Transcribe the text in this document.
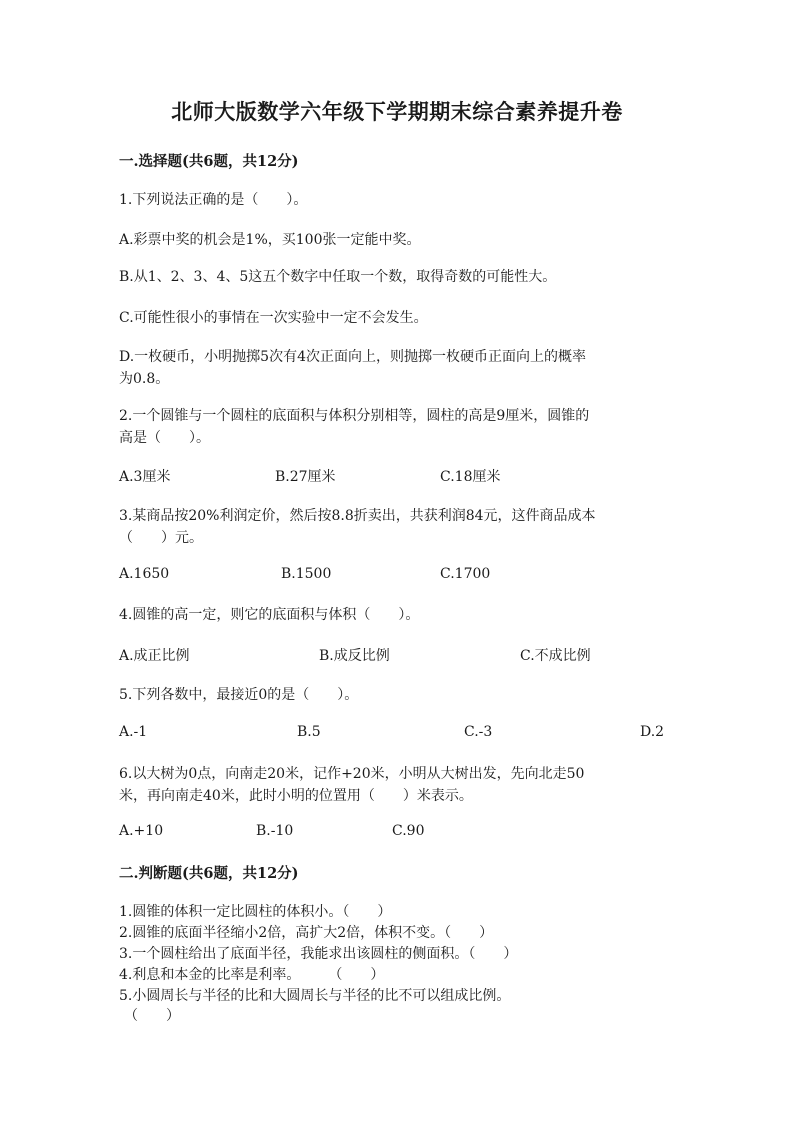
北师大版数学六年级下学期期末综合素养提升卷
一.选择题(共6题，共12分)
1.下列说法正确的是（　　）。
A.彩票中奖的机会是1%，买100张一定能中奖。
B.从1、2、3、4、5这五个数字中任取一个数，取得奇数的可能性大。
C.可能性很小的事情在一次实验中一定不会发生。
D.一枚硬币，小明抛掷5次有4次正面向上，则抛掷一枚硬币正面向上的概率
为0.8。
2.一个圆锥与一个圆柱的底面积与体积分别相等，圆柱的高是9厘米，圆锥的
高是（　　）。
A.3厘米	B.27厘米	C.18厘米
3.某商品按20%利润定价，然后按8.8折卖出，共获利润84元，这件商品成本
（　　）元。
A.1650	B.1500	C.1700
4.圆锥的高一定，则它的底面积与体积（　　）。
A.成正比例	B.成反比例	C.不成比例
5.下列各数中，最接近0的是（　　）。
A.-1	B.5	C.-3	D.2
6.以大树为0点，向南走20米，记作+20米，小明从大树出发，先向北走50
米，再向南走40米，此时小明的位置用（　　）米表示。
A.+10	B.-10	C.90
二.判断题(共6题，共12分)
1.圆锥的体积一定比圆柱的体积小。（　　）
2.圆锥的底面半径缩小2倍，高扩大2倍，体积不变。（　　）
3.一个圆柱给出了底面半径，我能求出该圆柱的侧面积。（　　）
4.利息和本金的比率是利率。　　　（　　）
5.小圆周长与半径的比和大圆周长与半径的比不可以组成比例。
（　　）
